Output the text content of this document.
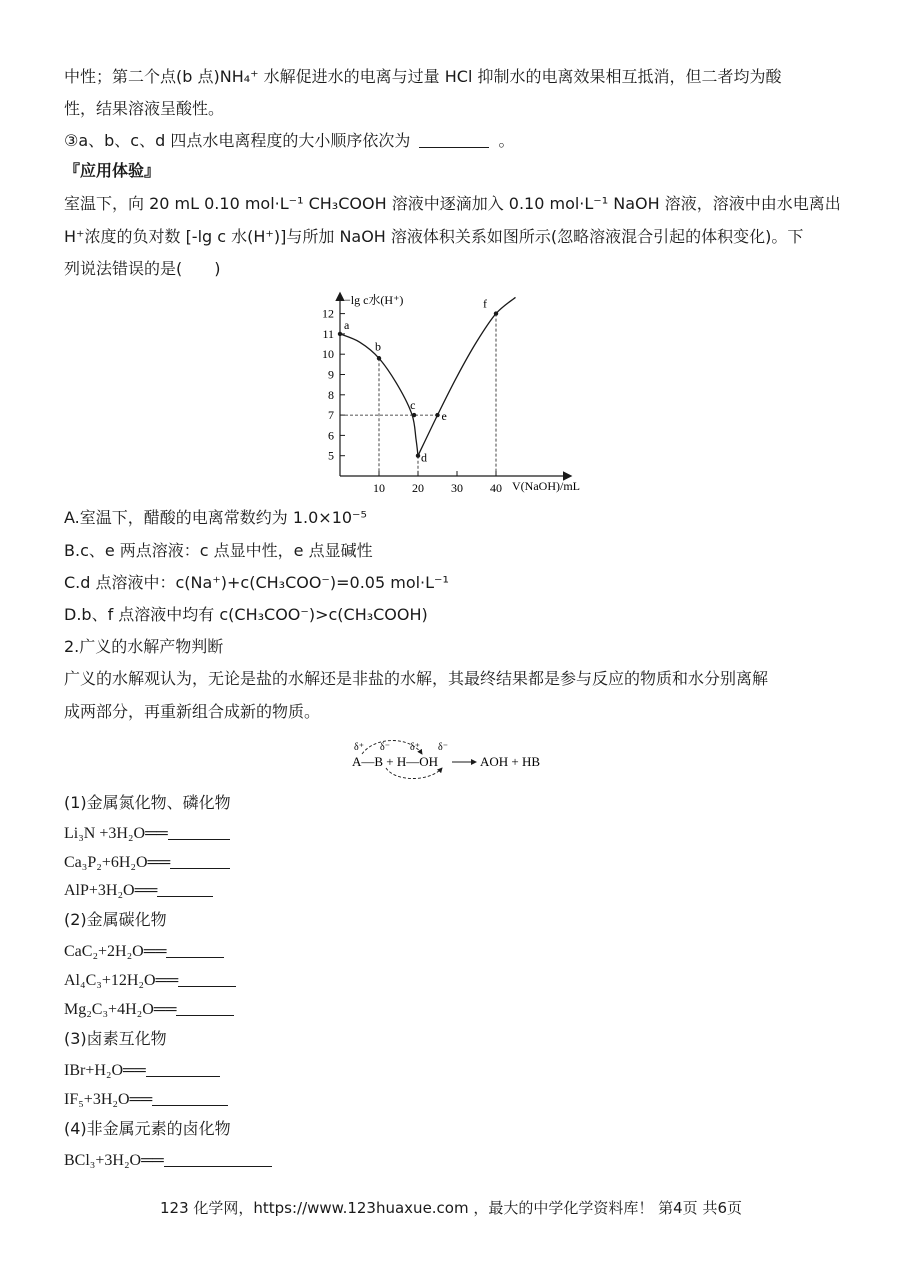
中性；第二个点(b 点)NH₄⁺ 水解促进水的电离与过量 HCl 抑制水的电离效果相互抵消，但二者均为酸
性，结果溶液呈酸性。
③a、b、c、d 四点水电离程度的大小顺序依次为	。
『应用体验』
室温下，向 20 mL 0.10 mol·L⁻¹ CH₃COOH 溶液中逐滴加入 0.10 mol·L⁻¹ NaOH 溶液，溶液中由水电离出
H⁺浓度的负对数 [-lg c 水(H⁺)]与所加 NaOH 溶液体积关系如图所示(忽略溶液混合引起的体积变化)。下
列说法错误的是(　　)
5
6
7
8
9
10
11
12
10 20 30 40
a
b
c
d
e
f
−lg c水(H⁺)
V(NaOH)/mL
A.室温下，醋酸的电离常数约为 1.0×10⁻⁵
B.c、e 两点溶液：c 点显中性，e 点显碱性
C.d 点溶液中：c(Na⁺)+c(CH₃COO⁻)=0.05 mol·L⁻¹
D.b、f 点溶液中均有 c(CH₃COO⁻)>c(CH₃COOH)
2.广义的水解产物判断
广义的水解观认为，无论是盐的水解还是非盐的水解，其最终结果都是参与反应的物质和水分别离解
成两部分，再重新组合成新的物质。
δ⁺ δ⁻ δ⁺ δ⁻
A—B + H—OH	AOH + HB
(1)金属氮化物、磷化物
Li₃N +3H₂O══
Ca₃P₂+6H₂O══
AlP+3H₂O══
(2)金属碳化物
CaC₂+2H₂O══
Al₄C₃+12H₂O══
Mg₂C₃+4H₂O══
(3)卤素互化物
IBr+H₂O══
IF₅+3H₂O══
(4)非金属元素的卤化物
BCl₃+3H₂O══
123 化学网，https://www.123huaxue.com ，最大的中学化学资料库！ 第4页 共6页
